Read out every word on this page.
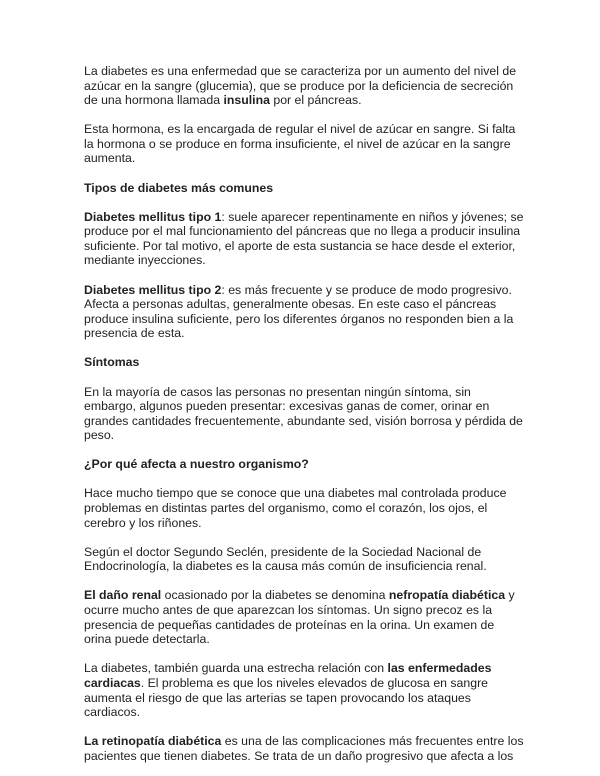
La diabetes es una enfermedad que se caracteriza por un aumento del nivel de azúcar en la sangre (glucemia), que se produce por la deficiencia de secreción de una hormona llamada insulina por el páncreas.

Esta hormona, es la encargada de regular el nivel de azúcar en sangre. Si falta la hormona o se produce en forma insuficiente, el nivel de azúcar en la sangre aumenta.

Tipos de diabetes más comunes

Diabetes mellitus tipo 1: suele aparecer repentinamente en niños y jóvenes; se produce por el mal funcionamiento del páncreas que no llega a producir insulina suficiente. Por tal motivo, el aporte de esta sustancia se hace desde el exterior, mediante inyecciones.

Diabetes mellitus tipo 2: es más frecuente y se produce de modo progresivo. Afecta a personas adultas, generalmente obesas. En este caso el páncreas produce insulina suficiente, pero los diferentes órganos no responden bien a la presencia de esta.

Síntomas

En la mayoría de casos las personas no presentan ningún síntoma, sin embargo, algunos pueden presentar: excesivas ganas de comer, orinar en grandes cantidades frecuentemente, abundante sed, visión borrosa y pérdida de peso.

¿Por qué afecta a nuestro organismo?

Hace mucho tiempo que se conoce que una diabetes mal controlada produce problemas en distintas partes del organismo, como el corazón, los ojos, el cerebro y los riñones.

Según el doctor Segundo Seclén, presidente de la Sociedad Nacional de Endocrinología, la diabetes es la causa más común de insuficiencia renal.

El daño renal ocasionado por la diabetes se denomina nefropatía diabética y ocurre mucho antes de que aparezcan los síntomas. Un signo precoz es la presencia de pequeñas cantidades de proteínas en la orina. Un examen de orina puede detectarla.

La diabetes, también guarda una estrecha relación con las enfermedades cardiacas. El problema es que los niveles elevados de glucosa en sangre aumenta el riesgo de que las arterias se tapen provocando los ataques cardiacos.

La retinopatía diabética es una de las complicaciones más frecuentes entre los pacientes que tienen diabetes. Se trata de un daño progresivo que afecta a los
